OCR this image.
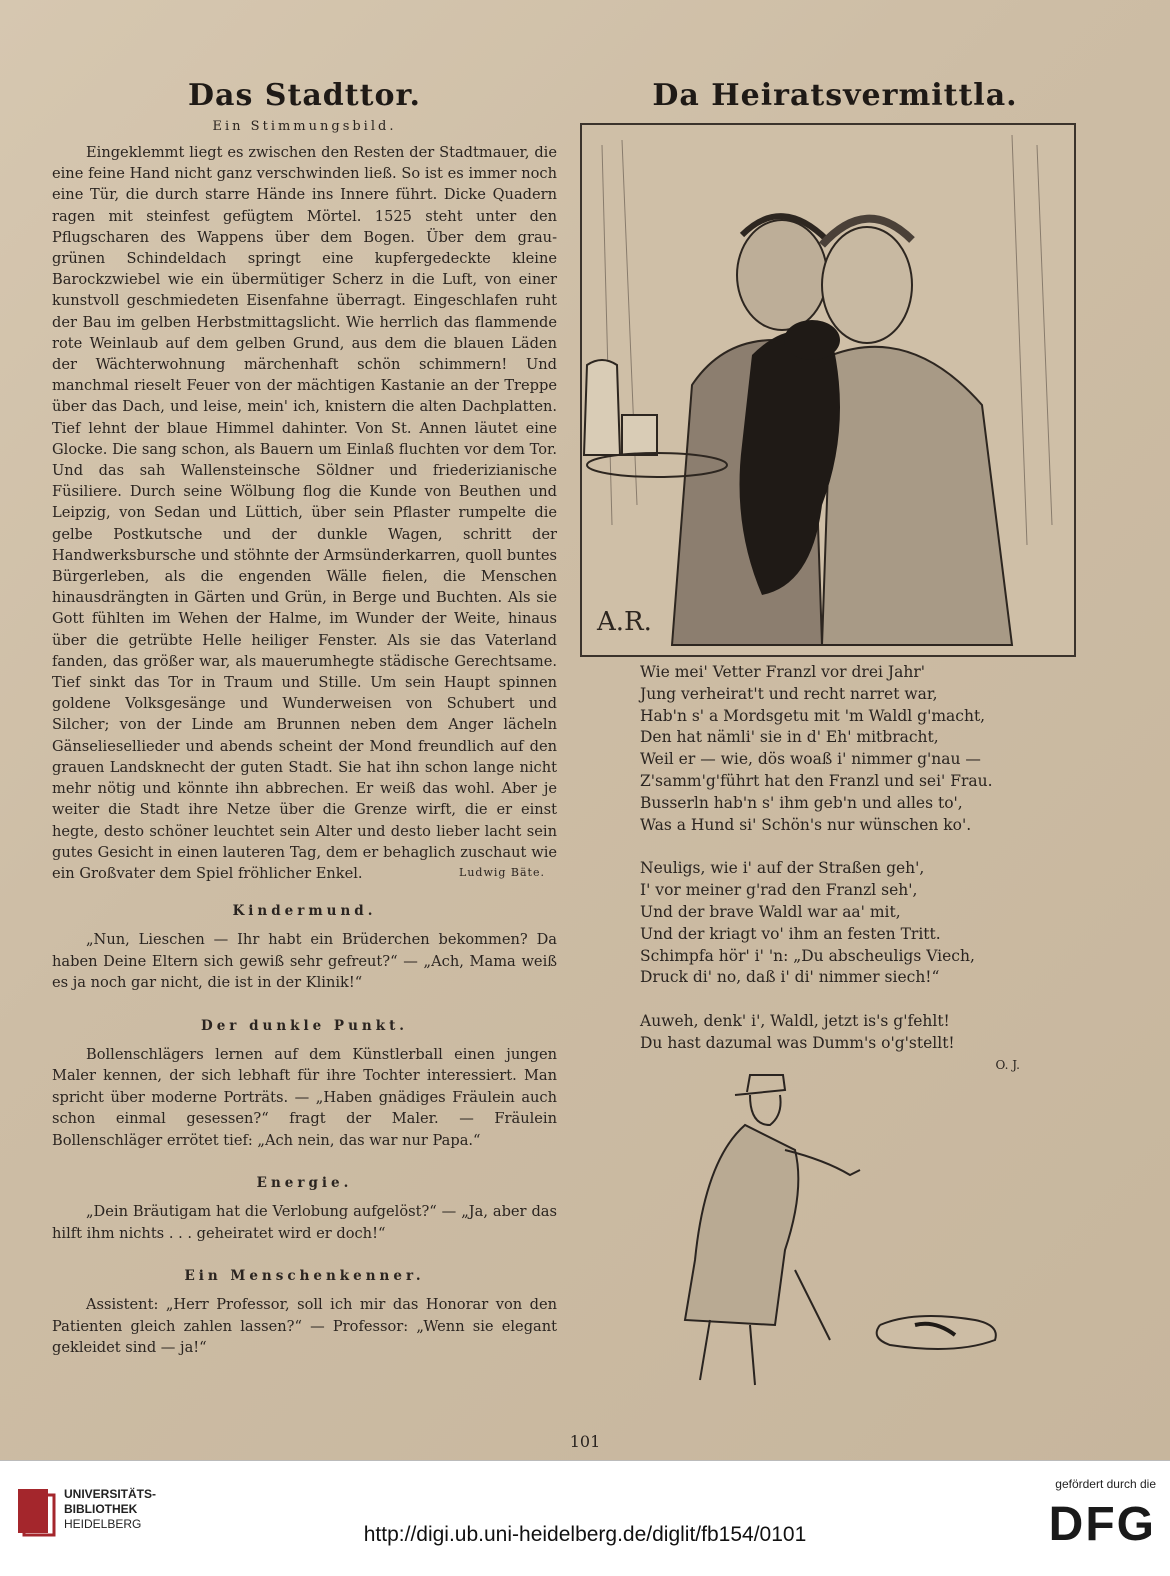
Das Stadttor.
Ein Stimmungsbild.

Eingeklemmt liegt es zwischen den Resten der Stadtmauer, die eine feine Hand nicht ganz verschwinden ließ. So ist es immer noch eine Tür, die durch starre Hände ins Innere führt. Dicke Quadern ragen mit steinfest gefügtem Mörtel. 1525 steht unter den Pflugscharen des Wappens über dem Bogen. Über dem grau-grünen Schindeldach springt eine kupfergedeckte kleine Barockzwiebel wie ein übermütiger Scherz in die Luft, von einer kunstvoll geschmiedeten Eisenfahne überragt. Eingeschlafen ruht der Bau im gelben Herbstmittagslicht. Wie herrlich das flammende rote Weinlaub auf dem gelben Grund, aus dem die blauen Läden der Wächterwohnung märchenhaft schön schimmern! Und manchmal rieselt Feuer von der mächtigen Kastanie an der Treppe über das Dach, und leise, mein' ich, knistern die alten Dachplatten. Tief lehnt der blaue Himmel dahinter. Von St. Annen läutet eine Glocke. Die sang schon, als Bauern um Einlaß fluchten vor dem Tor. Und das sah Wallensteinsche Söldner und friederizianische Füsiliere. Durch seine Wölbung flog die Kunde von Beuthen und Leipzig, von Sedan und Lüttich, über sein Pflaster rumpelte die gelbe Postkutsche und der dunkle Wagen, schritt der Handwerksbursche und stöhnte der Armsünderkarren, quoll buntes Bürgerleben, als die engenden Wälle fielen, die Menschen hinausdrängten in Gärten und Grün, in Berge und Buchten. Als sie Gott fühlten im Wehen der Halme, im Wunder der Weite, hinaus über die getrübte Helle heiliger Fenster. Als sie das Vaterland fanden, das größer war, als mauerumhegte städische Gerechtsame. Tief sinkt das Tor in Traum und Stille. Um sein Haupt spinnen goldene Volksgesänge und Wunderweisen von Schubert und Silcher; von der Linde am Brunnen neben dem Anger lächeln Gänseliesellieder und abends scheint der Mond freundlich auf den grauen Landsknecht der guten Stadt. Sie hat ihn schon lange nicht mehr nötig und könnte ihn abbrechen. Er weiß das wohl. Aber je weiter die Stadt ihre Netze über die Grenze wirft, die er einst hegte, desto schöner leuchtet sein Alter und desto lieber lacht sein gutes Gesicht in einen lauteren Tag, dem er behaglich zuschaut wie ein Großvater dem Spiel fröhlicher Enkel.	Ludwig Bäte.
Kindermund.

„Nun, Lieschen — Ihr habt ein Brüderchen bekommen? Da haben Deine Eltern sich gewiß sehr gefreut?“ — „Ach, Mama weiß es ja noch gar nicht, die ist in der Klinik!“

Der dunkle Punkt.

Bollenschlägers lernen auf dem Künstlerball einen jungen Maler kennen, der sich lebhaft für ihre Tochter interessiert. Man spricht über moderne Porträts. — „Haben gnädiges Fräulein auch schon einmal gesessen?“ fragt der Maler. — Fräulein Bollenschläger errötet tief: „Ach nein, das war nur Papa.“

Energie.

„Dein Bräutigam hat die Verlobung aufgelöst?“ — „Ja, aber das hilft ihm nichts . . . geheiratet wird er doch!“

Ein Menschenkenner.

Assistent: „Herr Professor, soll ich mir das Honorar von den Patienten gleich zahlen lassen?“ — Professor: „Wenn sie elegant gekleidet sind — ja!“

Da Heiratsvermittla.
A.R.
Wie mei' Vetter Franzl vor drei Jahr'
Jung verheirat't und recht narret war,
Hab'n s' a Mordsgetu mit 'm Waldl g'macht,
Den hat nämli' sie in d' Eh' mitbracht,
Weil er — wie, dös woaß i' nimmer g'nau —
Z'samm'g'führt hat den Franzl und sei' Frau.
Busserln hab'n s' ihm geb'n und alles to',
Was a Hund si' Schön's nur wünschen ko'.
Neuligs, wie i' auf der Straßen geh',
I' vor meiner g'rad den Franzl seh',
Und der brave Waldl war aa' mit,
Und der kriagt vo' ihm an festen Tritt.
Schimpfa hör' i' 'n: „Du abscheuligs Viech,
Druck di' no, daß i' di' nimmer siech!“
Auweh, denk' i', Waldl, jetzt is's g'fehlt!
Du hast dazumal was Dumm's o'g'stellt!
O. J.
101
UNIVERSITÄTS-
BIBLIOTHEK
HEIDELBERG	http://digi.ub.uni-heidelberg.de/diglit/fb154/0101
gefördert durch die
DFG
